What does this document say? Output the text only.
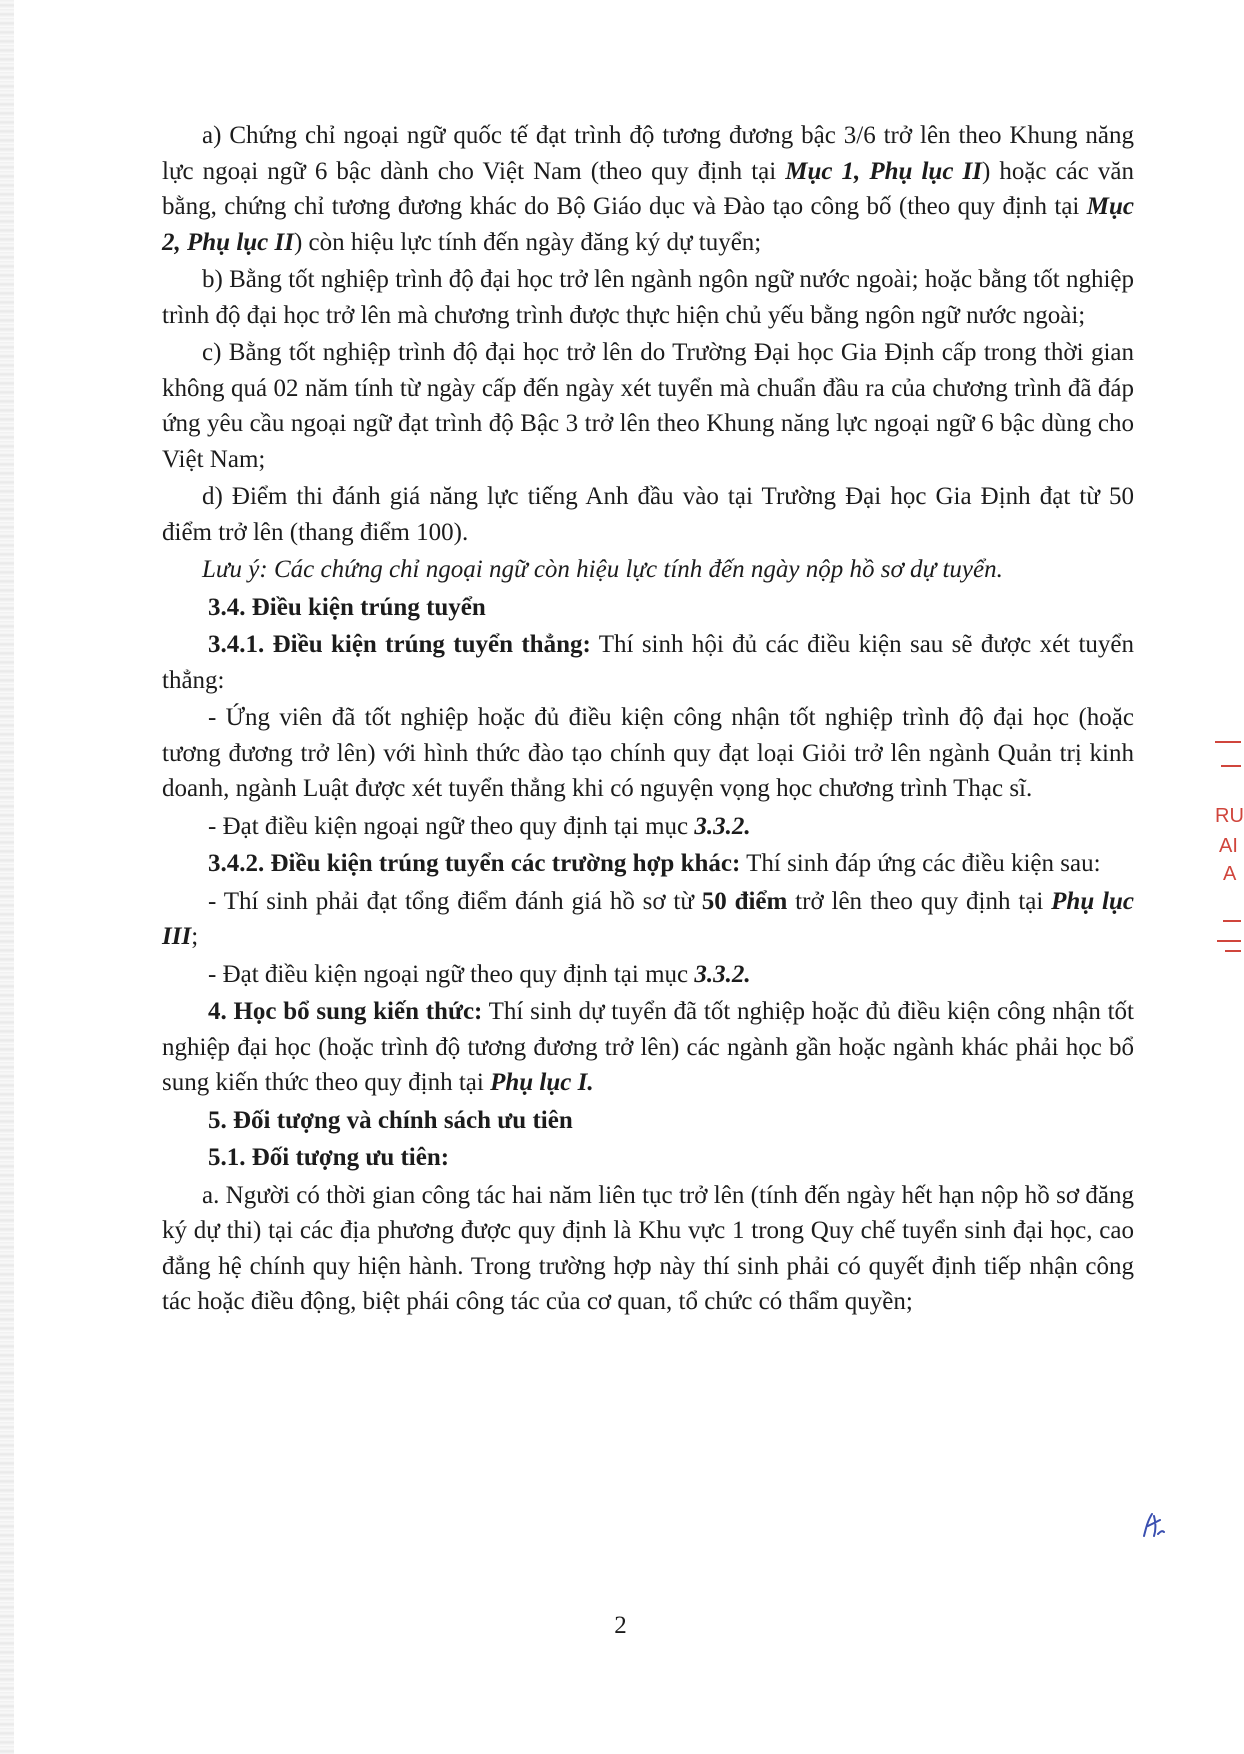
a) Chứng chỉ ngoại ngữ quốc tế đạt trình độ tương đương bậc 3/6 trở lên theo Khung năng lực ngoại ngữ 6 bậc dành cho Việt Nam (theo quy định tại Mục 1, Phụ lục II) hoặc các văn bằng, chứng chỉ tương đương khác do Bộ Giáo dục và Đào tạo công bố (theo quy định tại Mục 2, Phụ lục II) còn hiệu lực tính đến ngày đăng ký dự tuyển;

b) Bằng tốt nghiệp trình độ đại học trở lên ngành ngôn ngữ nước ngoài; hoặc bằng tốt nghiệp trình độ đại học trở lên mà chương trình được thực hiện chủ yếu bằng ngôn ngữ nước ngoài;

c) Bằng tốt nghiệp trình độ đại học trở lên do Trường Đại học Gia Định cấp trong thời gian không quá 02 năm tính từ ngày cấp đến ngày xét tuyển mà chuẩn đầu ra của chương trình đã đáp ứng yêu cầu ngoại ngữ đạt trình độ Bậc 3 trở lên theo Khung năng lực ngoại ngữ 6 bậc dùng cho Việt Nam;

d) Điểm thi đánh giá năng lực tiếng Anh đầu vào tại Trường Đại học Gia Định đạt từ 50 điểm trở lên (thang điểm 100).

Lưu ý: Các chứng chỉ ngoại ngữ còn hiệu lực tính đến ngày nộp hồ sơ dự tuyển.

3.4. Điều kiện trúng tuyển

3.4.1. Điều kiện trúng tuyển thẳng: Thí sinh hội đủ các điều kiện sau sẽ được xét tuyển thẳng:

- Ứng viên đã tốt nghiệp hoặc đủ điều kiện công nhận tốt nghiệp trình độ đại học (hoặc tương đương trở lên) với hình thức đào tạo chính quy đạt loại Giỏi trở lên ngành Quản trị kinh doanh, ngành Luật được xét tuyển thẳng khi có nguyện vọng học chương trình Thạc sĩ.

- Đạt điều kiện ngoại ngữ theo quy định tại mục 3.3.2.

3.4.2. Điều kiện trúng tuyển các trường hợp khác: Thí sinh đáp ứng các điều kiện sau:

- Thí sinh phải đạt tổng điểm đánh giá hồ sơ từ 50 điểm trở lên theo quy định tại Phụ lục III;

- Đạt điều kiện ngoại ngữ theo quy định tại mục 3.3.2.

4. Học bổ sung kiến thức: Thí sinh dự tuyển đã tốt nghiệp hoặc đủ điều kiện công nhận tốt nghiệp đại học (hoặc trình độ tương đương trở lên) các ngành gần hoặc ngành khác phải học bổ sung kiến thức theo quy định tại Phụ lục I.

5. Đối tượng và chính sách ưu tiên

5.1. Đối tượng ưu tiên:

a. Người có thời gian công tác hai năm liên tục trở lên (tính đến ngày hết hạn nộp hồ sơ đăng ký dự thi) tại các địa phương được quy định là Khu vực 1 trong Quy chế tuyển sinh đại học, cao đẳng hệ chính quy hiện hành. Trong trường hợp này thí sinh phải có quyết định tiếp nhận công tác hoặc điều động, biệt phái công tác của cơ quan, tổ chức có thẩm quyền;

2
RU
AI
A
